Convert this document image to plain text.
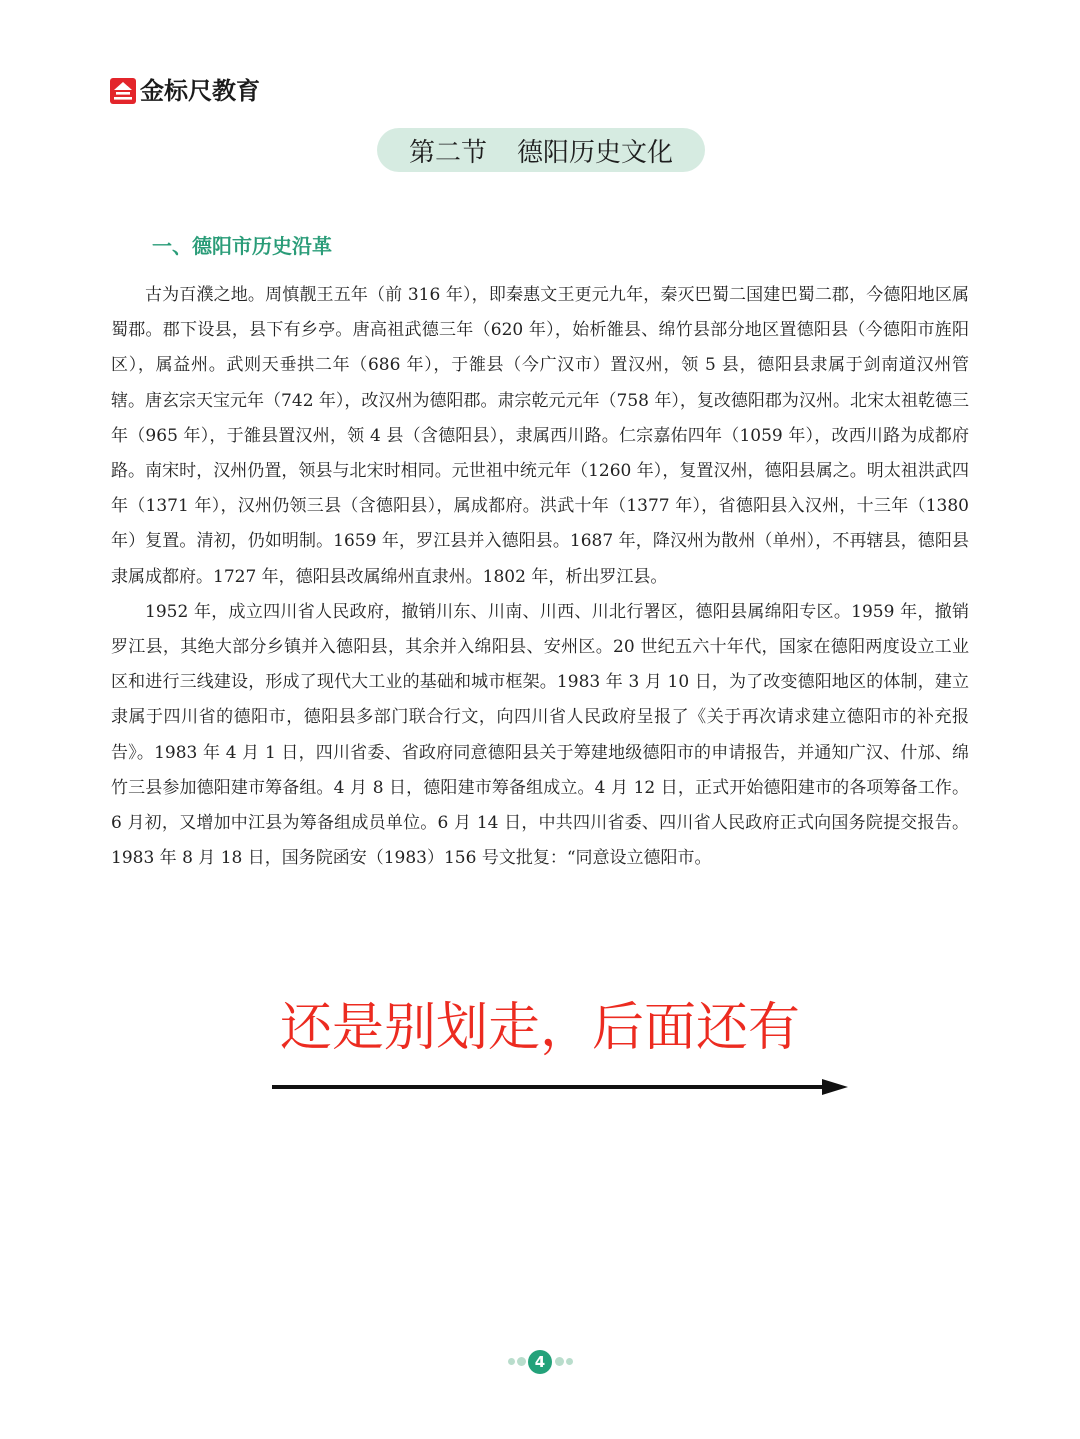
金标尺教育
第二节 德阳历史文化
一、德阳市历史沿革

古为百濮之地。周慎靓王五年（前 316 年），即秦惠文王更元九年，秦灭巴蜀二国建巴蜀二郡，今德阳地区属蜀郡。郡下设县，县下有乡亭。唐高祖武德三年（620 年），始析雒县、绵竹县部分地区置德阳县（今德阳市旌阳区），属益州。武则天垂拱二年（686 年），于雒县（今广汉市）置汉州，领 5 县，德阳县隶属于剑南道汉州管辖。唐玄宗天宝元年（742 年），改汉州为德阳郡。肃宗乾元元年（758 年），复改德阳郡为汉州。北宋太祖乾德三年（965 年），于雒县置汉州，领 4 县（含德阳县），隶属西川路。仁宗嘉佑四年（1059 年），改西川路为成都府路。南宋时，汉州仍置，领县与北宋时相同。元世祖中统元年（1260 年），复置汉州，德阳县属之。明太祖洪武四年（1371 年），汉州仍领三县（含德阳县），属成都府。洪武十年（1377 年），省德阳县入汉州，十三年（1380 年）复置。清初，仍如明制。1659 年，罗江县并入德阳县。1687 年，降汉州为散州（单州），不再辖县，德阳县隶属成都府。1727 年，德阳县改属绵州直隶州。1802 年，析出罗江县。

1952 年，成立四川省人民政府，撤销川东、川南、川西、川北行署区，德阳县属绵阳专区。1959 年，撤销罗江县，其绝大部分乡镇并入德阳县，其余并入绵阳县、安州区。20 世纪五六十年代，国家在德阳两度设立工业区和进行三线建设，形成了现代大工业的基础和城市框架。1983 年 3 月 10 日，为了改变德阳地区的体制，建立隶属于四川省的德阳市，德阳县多部门联合行文，向四川省人民政府呈报了《关于再次请求建立德阳市的补充报告》。1983 年 4 月 1 日，四川省委、省政府同意德阳县关于筹建地级德阳市的申请报告，并通知广汉、什邡、绵竹三县参加德阳建市筹备组。4 月 8 日，德阳建市筹备组成立。4 月 12 日，正式开始德阳建市的各项筹备工作。6 月初，又增加中江县为筹备组成员单位。6 月 14 日，中共四川省委、四川省人民政府正式向国务院提交报告。1983 年 8 月 18 日，国务院函安（1983）156 号文批复：“同意设立德阳市。

还是别划走，后面还有
4
